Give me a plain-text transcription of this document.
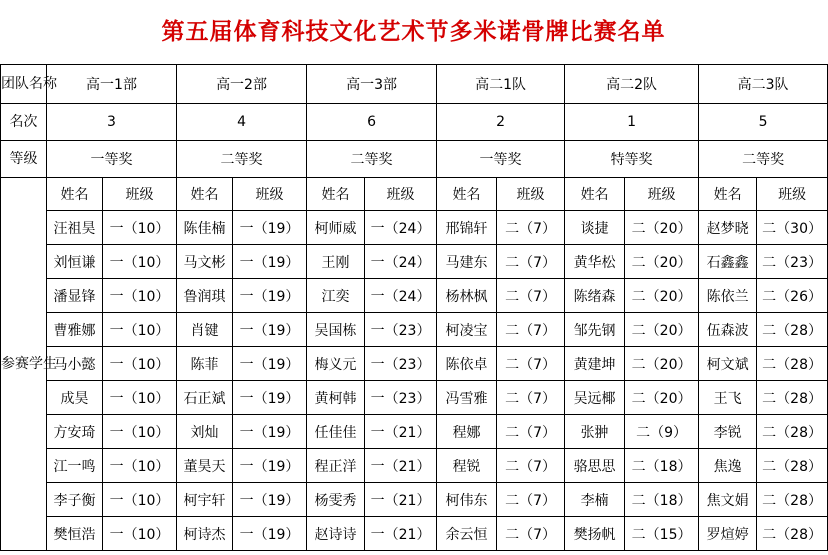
第五届体育科技文化艺术节多米诺骨牌比赛名单
团队名称	高一1部		高一2部		高一3部		高二1队		高二2队		高二3队	
名次	3		4		6		2		1		5	
等级	一等奖		二等奖		二等奖		一等奖		特等奖		二等奖	
参赛学生	姓名	班级	姓名	班级	姓名	班级	姓名	班级	姓名	班级	姓名	班级
	汪祖昊	一（10）	陈佳楠	一（19）	柯师威	一（24）	邢锦轩	二（7）	谈捷	二（20）	赵梦晓	二（30）
	刘恒谦	一（10）	马文彬	一（19）	王刚	一（24）	马建东	二（7）	黄华松	二（20）	石鑫鑫	二（23）
	潘显锋	一（10）	鲁润琪	一（19）	江奕	一（24）	杨林枫	二（7）	陈绪森	二（20）	陈依兰	二（26）
	曹雅娜	一（10）	肖键	一（19）	吴国栋	一（23）	柯凌宝	二（7）	邹先钢	二（20）	伍森波	二（28）
	马小懿	一（10）	陈菲	一（19）	梅义元	一（23）	陈依卓	二（7）	黄建坤	二（20）	柯文斌	二（28）
	成昊	一（10）	石正斌	一（19）	黄柯韩	一（23）	冯雪雅	二（7）	吴远椰	二（20）	王飞	二（28）
	方安琦	一（10）	刘灿	一（19）	任佳佳	一（21）	程娜	二（7）	张翀	二（9）	李锐	二（28）
	江一鸣	一（10）	董昊天	一（19）	程正洋	一（21）	程锐	二（7）	骆思思	二（18）	焦逸	二（28）
	李子衡	一（10）	柯宇轩	一（19）	杨雯秀	一（21）	柯伟东	二（7）	李楠	二（18）	焦文娟	二（28）
	樊恒浩	一（10）	柯诗杰	一（19）	赵诗诗	一（21）	余云恒	二（7）	樊扬帆	二（15）	罗煊婷	二（28）
